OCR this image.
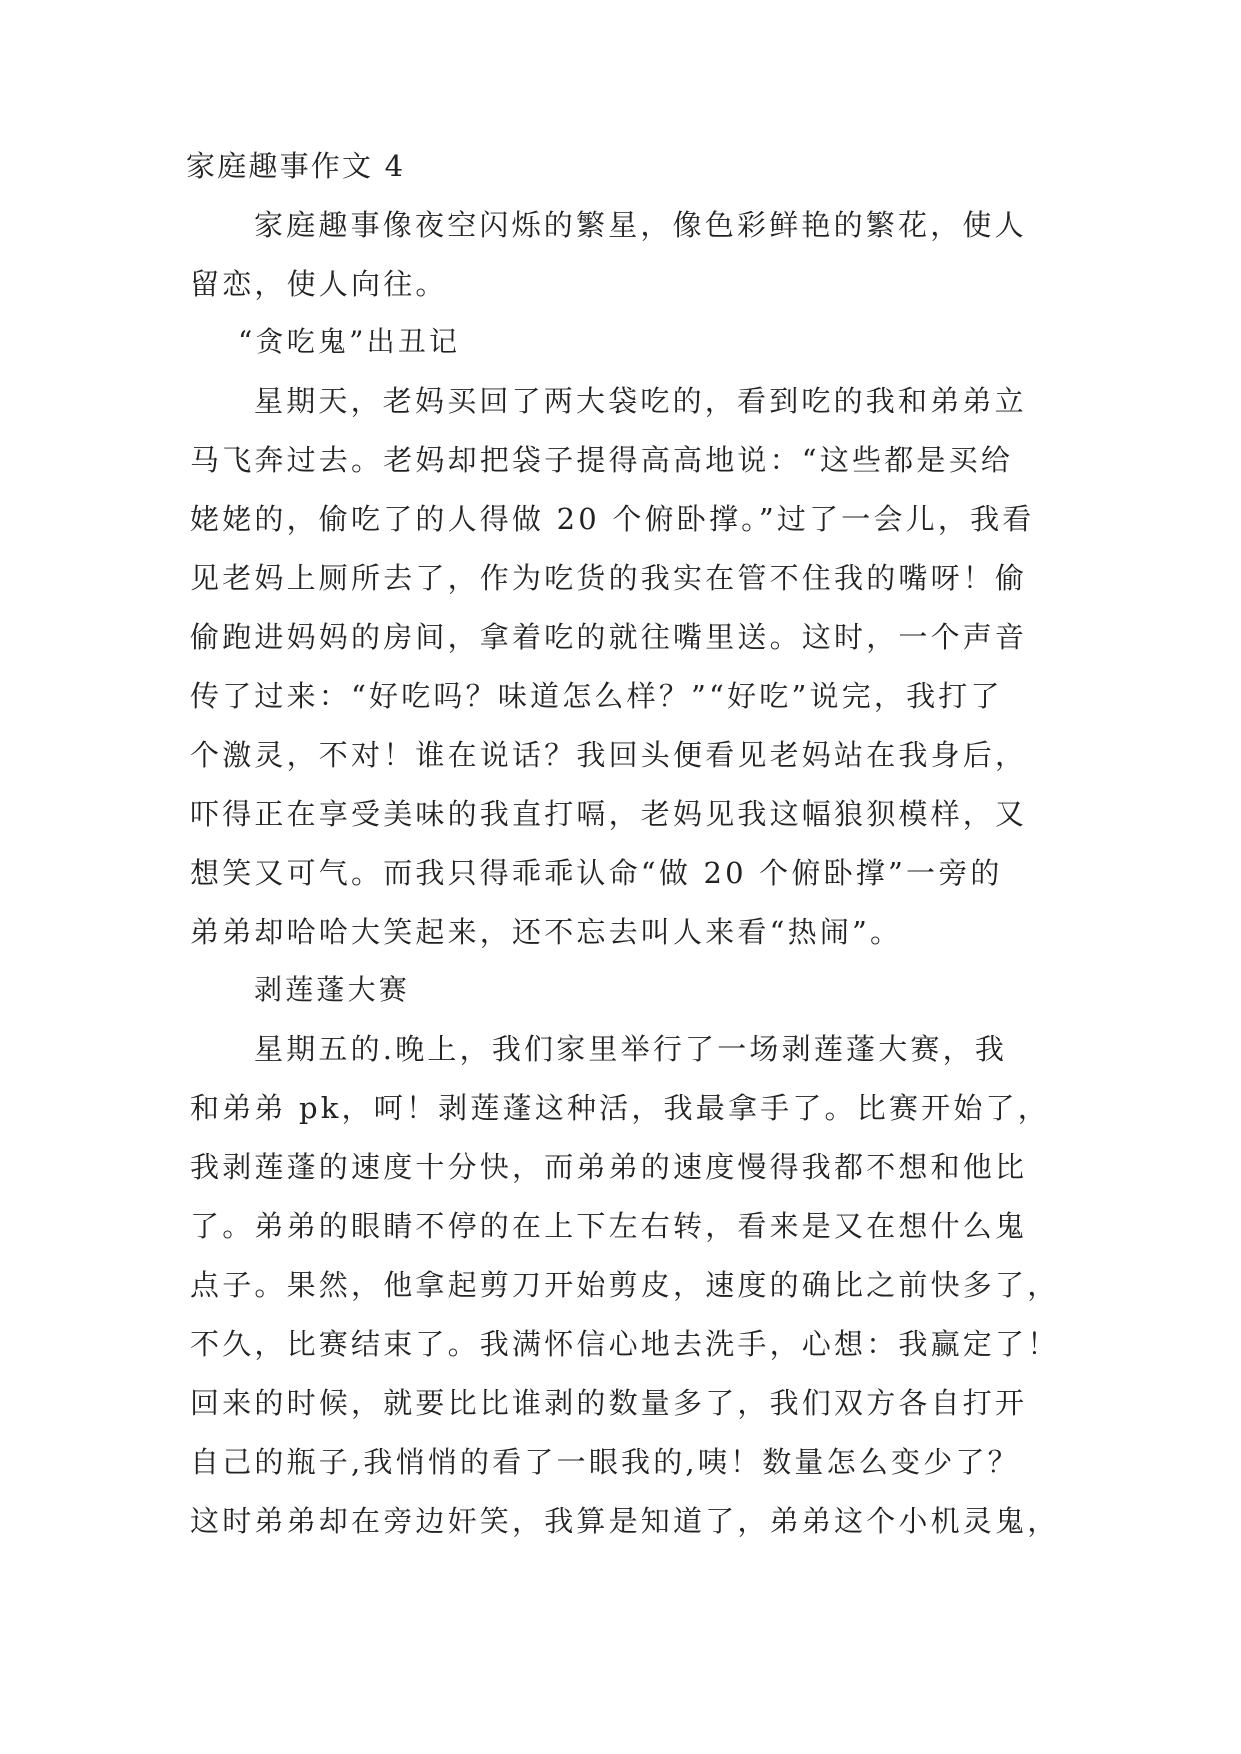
家庭趣事作文 4
家庭趣事像夜空闪烁的繁星，像色彩鲜艳的繁花，使人
留恋，使人向往。
“贪吃鬼”出丑记
星期天，老妈买回了两大袋吃的，看到吃的我和弟弟立
马飞奔过去。老妈却把袋子提得高高地说：“这些都是买给
姥姥的，偷吃了的人得做 20 个俯卧撑。”过了一会儿，我看
见老妈上厕所去了，作为吃货的我实在管不住我的嘴呀！偷
偷跑进妈妈的房间，拿着吃的就往嘴里送。这时，一个声音
传了过来：“好吃吗？味道怎么样？”“好吃”说完，我打了
个激灵，不对！谁在说话？我回头便看见老妈站在我身后，
吓得正在享受美味的我直打嗝，老妈见我这幅狼狈模样，又
想笑又可气。而我只得乖乖认命“做 20 个俯卧撑”一旁的
弟弟却哈哈大笑起来，还不忘去叫人来看“热闹”。
剥莲蓬大赛
星期五的.晚上，我们家里举行了一场剥莲蓬大赛，我
和弟弟 pk，呵！剥莲蓬这种活，我最拿手了。比赛开始了，
我剥莲蓬的速度十分快，而弟弟的速度慢得我都不想和他比
了。弟弟的眼睛不停的在上下左右转，看来是又在想什么鬼
点子。果然，他拿起剪刀开始剪皮，速度的确比之前快多了，
不久，比赛结束了。我满怀信心地去洗手，心想：我赢定了！
回来的时候，就要比比谁剥的数量多了，我们双方各自打开
自己的瓶子,我悄悄的看了一眼我的,咦！数量怎么变少了？
这时弟弟却在旁边奸笑，我算是知道了，弟弟这个小机灵鬼，
